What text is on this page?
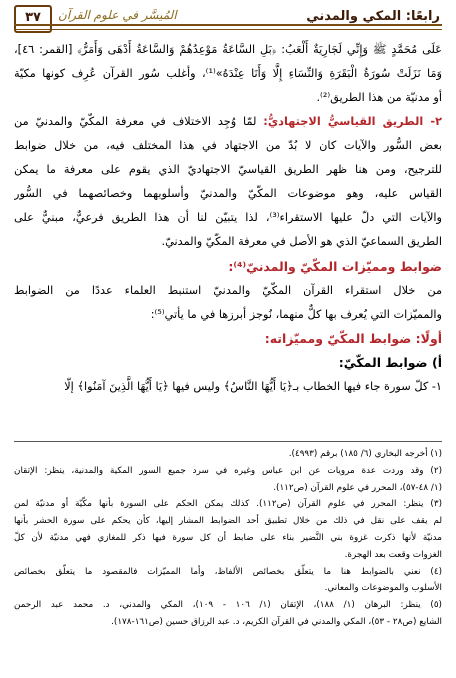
رابعًا: المكي والمدني
المُيسَّر في علوم القرآن
٣٧
عَلَى مُحَمَّدٍ ﷺ وَإِنِّي لَجَارِيَةٌ أَلْعَبُ: ﴿بَلِ السَّاعَةُ مَوْعِدُهُمْ وَالسَّاعَةُ أَدْهَى وَأَمَرُّ﴾ [القمر: ٤٦]،
وَمَا نَزَلَتْ سُورَةُ الْبَقَرَةِ وَالنِّسَاءِ إِلَّا وَأَنَا عِنْدَهُ»⁽¹⁾، وأغلب سُور القرآن عُرِف كونها مكيّة
أو مدنيّة من هذا الطريق⁽²⁾.
٢- الطريق القياسيُّ الاجتهاديُّ: لمّا وُجِد الاختلاف في معرفة المكّيّ والمدنيّ من
بعض السُّور والآيات كان لا بُدّ من الاجتهاد في هذا المختلف فيه، من خلال ضوابط
للترجيح، ومن هنا ظهر الطريق القياسيّ الاجتهاديّ الذي يقوم على معرفة ما يمكن
القياس عليه، وهو موضوعات المكّيّ والمدنيّ وأسلوبهما وخصائصهما في السُّور
والآيات التي دلّ عليها الاستقراء⁽³⁾، لذا يتبيّن لنا أن هذا الطريق فرعيٌّ، مبنيٌّ على
الطريق السماعيّ الذي هو الأصل في معرفة المكّيّ والمدنيّ.
ضوابط ومميّزات المكّيّ والمدنيّ⁽⁴⁾:
من خلال استقراء القرآن المكّيّ والمدنيّ استنبط العلماء عددًا من الضوابط
والمميّزات التي يُعرف بها كلٌّ منهما، نُوجز أبرزها في ما يأتي⁽⁵⁾:
أولًا: ضوابط المكّيّ ومميّزاته:
أ) ضوابط المكّيّ:
١- كلّ سورة جاء فيها الخطاب بـ﴿يَا أَيُّهَا النَّاسُ﴾ وليس فيها ﴿يَا أَيُّهَا الَّذِينَ آمَنُوا﴾ إلّا
(١) أخرجه البخاري (٦/ ١٨٥) برقم (٤٩٩٣).
(٢) وقد وردت عدة مرويات عن ابن عباس وغيره في سرد جميع السور المكية والمدنية، ينظر: الإتقان
(١/ ٤٨-٥٧)، المحرر في علوم القرآن (ص١١٢).
(٣) ينظر: المحرر في علوم القرآن (ص١١٢). كذلك يمكن الحكم على السورة بأنها مكّيّة أو مدنيّة لمن
لم يقف على نقل في ذلك من خلال تطبيق أحد الضوابط المشار إليها، كأن يحكم على سورة الحشر بأنها
مدنيّة لأنها ذكرت غزوة بني النَّضير بناء على ضابط أن كل سورة فيها ذكر للمغازي فهي مدنيّة لأن كلّ
الغزوات وقعت بعد الهجرة.
(٤) نعني بالضوابط هنا ما يتعلّق بخصائص الألفاظ، وأما المميّزات فالمقصود ما يتعلّق بخصائص
الأسلوب والموضوعات والمعاني.
(٥) ينظر: البرهان (١/ ١٨٨)، الإتقان (١/ ١٠٦ - ١٠٩)، المكي والمدني، د. محمد عبد الرحمن
الشايع (ص٢٨ - ٥٣)، المكي والمدني في القرآن الكريم، د. عبد الرزاق حسين (ص١٦١-١٧٨).
